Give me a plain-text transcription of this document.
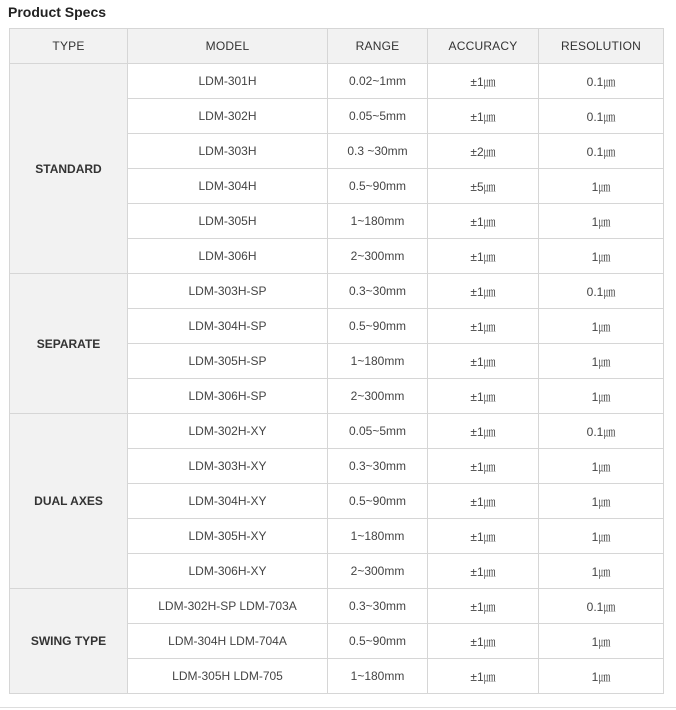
Product Specs
TYPE	MODEL	RANGE	ACCURACY	RESOLUTION
STANDARD	LDM-301H	0.02~1mm	±1㎛	0.1㎛
	LDM-302H	0.05~5mm	±1㎛	0.1㎛
	LDM-303H	0.3 ~30mm	±2㎛	0.1㎛
	LDM-304H	0.5~90mm	±5㎛	1㎛
	LDM-305H	1~180mm	±1㎛	1㎛
	LDM-306H	2~300mm	±1㎛	1㎛
SEPARATE	LDM-303H-SP	0.3~30mm	±1㎛	0.1㎛
	LDM-304H-SP	0.5~90mm	±1㎛	1㎛
	LDM-305H-SP	1~180mm	±1㎛	1㎛
	LDM-306H-SP	2~300mm	±1㎛	1㎛
DUAL AXES	LDM-302H-XY	0.05~5mm	±1㎛	0.1㎛
	LDM-303H-XY	0.3~30mm	±1㎛	1㎛
	LDM-304H-XY	0.5~90mm	±1㎛	1㎛
	LDM-305H-XY	1~180mm	±1㎛	1㎛
	LDM-306H-XY	2~300mm	±1㎛	1㎛
SWING TYPE	LDM-302H-SP LDM-703A	0.3~30mm	±1㎛	0.1㎛
	LDM-304H LDM-704A	0.5~90mm	±1㎛	1㎛
	LDM-305H LDM-705	1~180mm	±1㎛	1㎛
